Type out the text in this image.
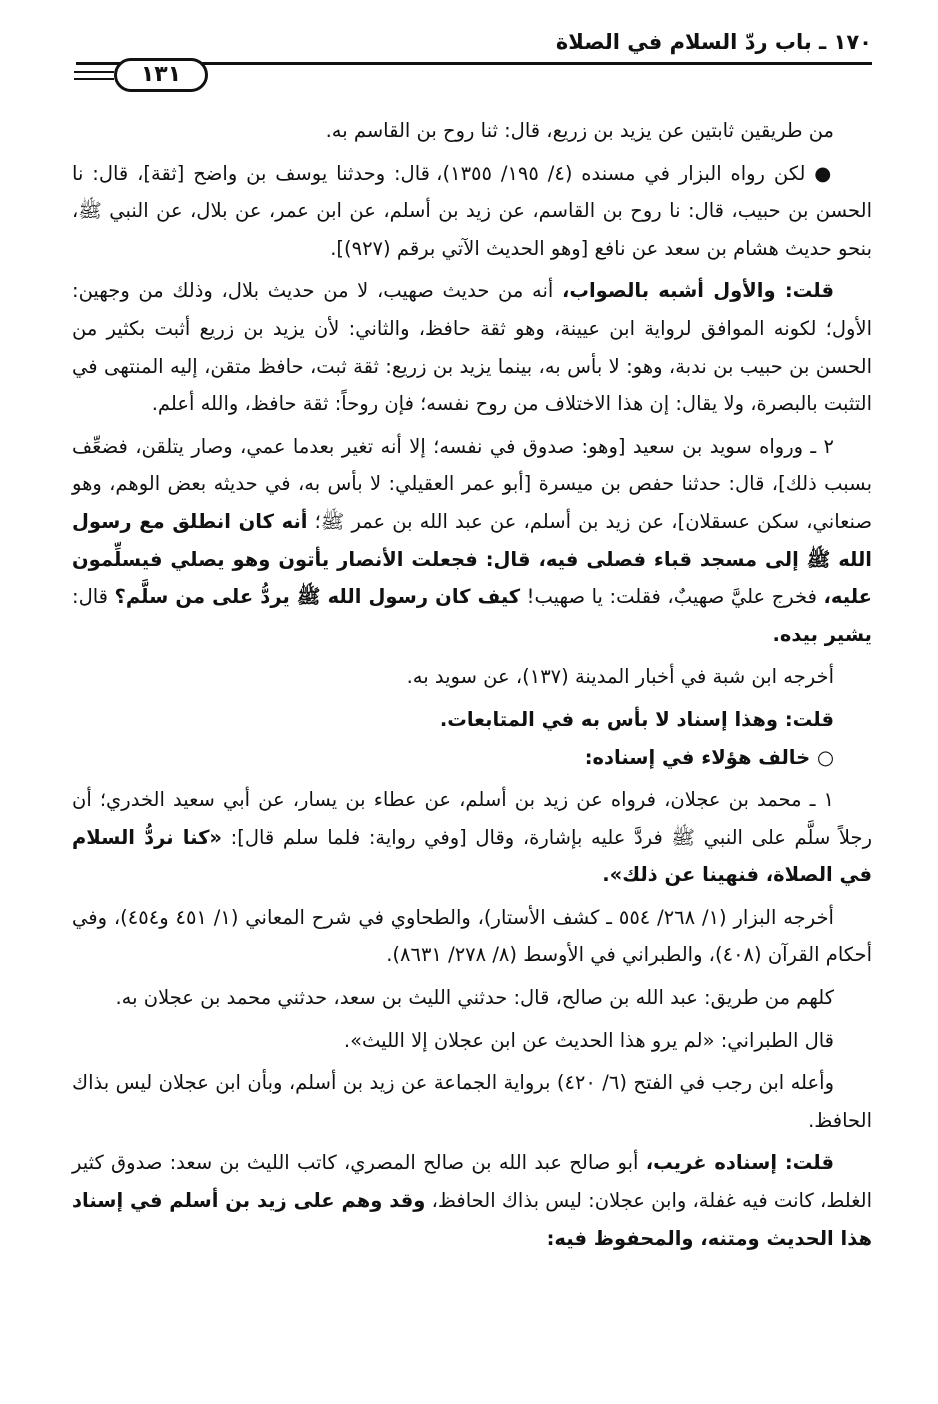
١٧٠ ـ باب ردّ السلام في الصلاة
١٣١

من طريقين ثابتين عن يزيد بن زريع، قال: ثنا روح بن القاسم به.

● لكن رواه البزار في مسنده (٤/ ١٩٥/ ١٣٥٥)، قال: وحدثنا يوسف بن واضح [ثقة]، قال: نا الحسن بن حبيب، قال: نا روح بن القاسم، عن زيد بن أسلم، عن ابن عمر، عن بلال، عن النبي ﷺ، بنحو حديث هشام بن سعد عن نافع [وهو الحديث الآتي برقم (٩٢٧)].

قلت: والأول أشبه بالصواب، أنه من حديث صهيب، لا من حديث بلال، وذلك من وجهين: الأول؛ لكونه الموافق لرواية ابن عيينة، وهو ثقة حافظ، والثاني: لأن يزيد بن زريع أثبت بكثير من الحسن بن حبيب بن ندبة، وهو: لا بأس به، بينما يزيد بن زريع: ثقة ثبت، حافظ متقن، إليه المنتهى في التثبت بالبصرة، ولا يقال: إن هذا الاختلاف من روح نفسه؛ فإن روحاً: ثقة حافظ، والله أعلم.

٢ ـ ورواه سويد بن سعيد [وهو: صدوق في نفسه؛ إلا أنه تغير بعدما عمي، وصار يتلقن، فضعِّف بسبب ذلك]، قال: حدثنا حفص بن ميسرة [أبو عمر العقيلي: لا بأس به، في حديثه بعض الوهم، وهو صنعاني، سكن عسقلان]، عن زيد بن أسلم، عن عبد الله بن عمر ﷺ؛ أنه كان انطلق مع رسول الله ﷺ إلى مسجد قباء فصلى فيه، قال: فجعلت الأنصار يأتون وهو يصلي فيسلِّمون عليه، فخرج عليَّ صهيبٌ، فقلت: يا صهيب! كيف كان رسول الله ﷺ يردُّ على من سلَّم؟ قال: يشير بيده.

أخرجه ابن شبة في أخبار المدينة (١٣٧)، عن سويد به.

قلت: وهذا إسناد لا بأس به في المتابعات.

○ خالف هؤلاء في إسناده:

١ ـ محمد بن عجلان، فرواه عن زيد بن أسلم، عن عطاء بن يسار، عن أبي سعيد الخدري؛ أن رجلاً سلَّم على النبي ﷺ فردَّ عليه بإشارة، وقال [وفي رواية: فلما سلم قال]: «كنا نردُّ السلام في الصلاة، فنهينا عن ذلك».

أخرجه البزار (١/ ٢٦٨/ ٥٥٤ ـ كشف الأستار)، والطحاوي في شرح المعاني (١/ ٤٥١ و٤٥٤)، وفي أحكام القرآن (٤٠٨)، والطبراني في الأوسط (٨/ ٢٧٨/ ٨٦٣١).

كلهم من طريق: عبد الله بن صالح، قال: حدثني الليث بن سعد، حدثني محمد بن عجلان به.

قال الطبراني: «لم يرو هذا الحديث عن ابن عجلان إلا الليث».

وأعله ابن رجب في الفتح (٦/ ٤٢٠) برواية الجماعة عن زيد بن أسلم، وبأن ابن عجلان ليس بذاك الحافظ.

قلت: إسناده غريب، أبو صالح عبد الله بن صالح المصري، كاتب الليث بن سعد: صدوق كثير الغلط، كانت فيه غفلة، وابن عجلان: ليس بذاك الحافظ، وقد وهم على زيد بن أسلم في إسناد هذا الحديث ومتنه، والمحفوظ فيه:
